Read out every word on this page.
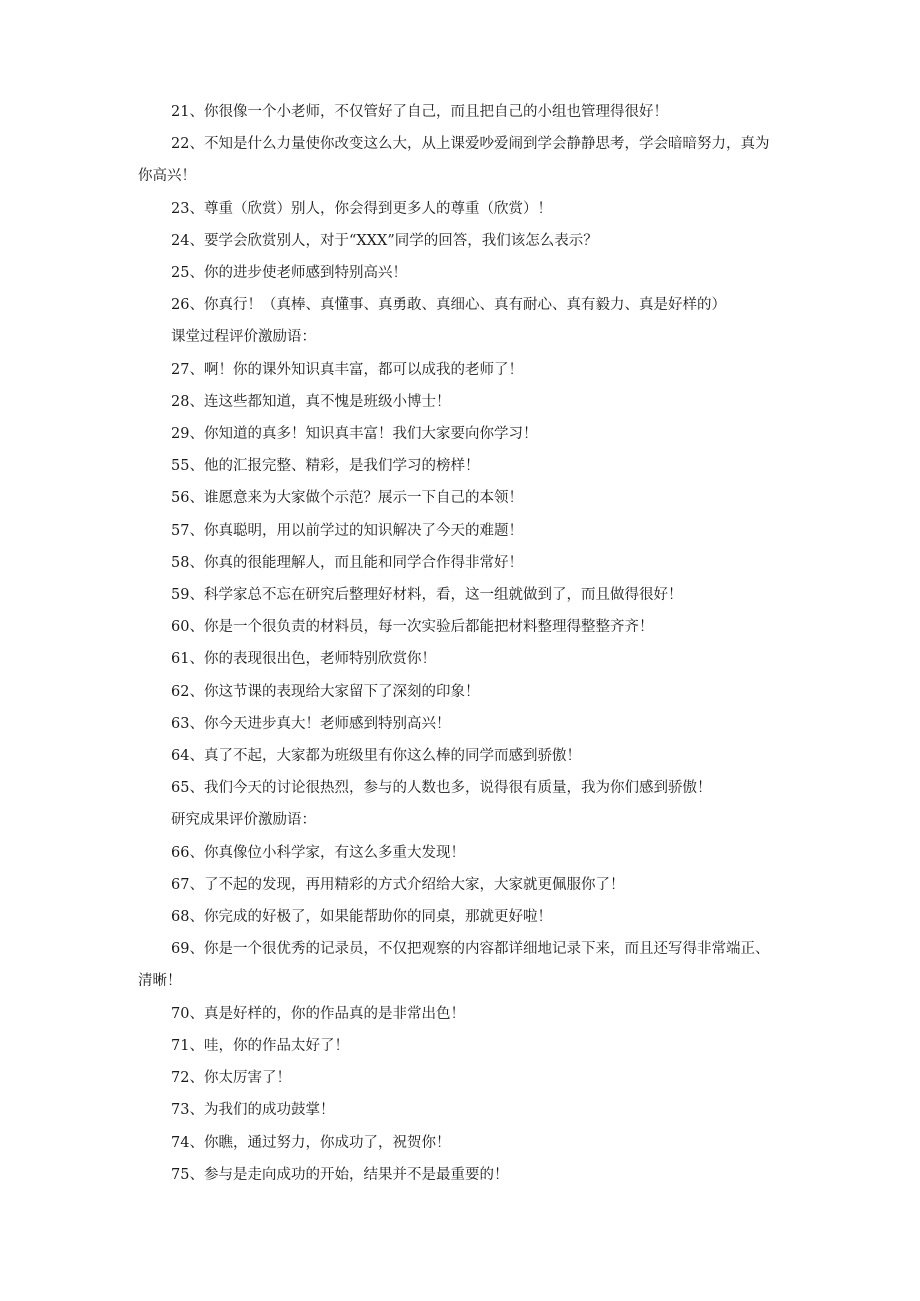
21、你很像一个小老师，不仅管好了自己，而且把自己的小组也管理得很好！

22、不知是什么力量使你改变这么大，从上课爱吵爱闹到学会静静思考，学会暗暗努力，真为你高兴！

23、尊重（欣赏）别人，你会得到更多人的尊重（欣赏）！

24、要学会欣赏别人，对于“XXX”同学的回答，我们该怎么表示？

25、你的进步使老师感到特别高兴！

26、你真行！（真棒、真懂事、真勇敢、真细心、真有耐心、真有毅力、真是好样的）

课堂过程评价激励语：

27、啊！你的课外知识真丰富，都可以成我的老师了！

28、连这些都知道，真不愧是班级小博士！

29、你知道的真多！知识真丰富！我们大家要向你学习！

55、他的汇报完整、精彩，是我们学习的榜样！

56、谁愿意来为大家做个示范？展示一下自己的本领！

57、你真聪明，用以前学过的知识解决了今天的难题！

58、你真的很能理解人，而且能和同学合作得非常好！

59、科学家总不忘在研究后整理好材料，看，这一组就做到了，而且做得很好！

60、你是一个很负责的材料员，每一次实验后都能把材料整理得整整齐齐！

61、你的表现很出色，老师特别欣赏你！

62、你这节课的表现给大家留下了深刻的印象！

63、你今天进步真大！老师感到特别高兴！

64、真了不起，大家都为班级里有你这么棒的同学而感到骄傲！

65、我们今天的讨论很热烈，参与的人数也多，说得很有质量，我为你们感到骄傲！

研究成果评价激励语：

66、你真像位小科学家，有这么多重大发现！

67、了不起的发现，再用精彩的方式介绍给大家，大家就更佩服你了！

68、你完成的好极了，如果能帮助你的同桌，那就更好啦！

69、你是一个很优秀的记录员，不仅把观察的内容都详细地记录下来，而且还写得非常端正、清晰！

70、真是好样的，你的作品真的是非常出色！

71、哇，你的作品太好了！

72、你太厉害了！

73、为我们的成功鼓掌！

74、你瞧，通过努力，你成功了，祝贺你！

75、参与是走向成功的开始，结果并不是最重要的！
